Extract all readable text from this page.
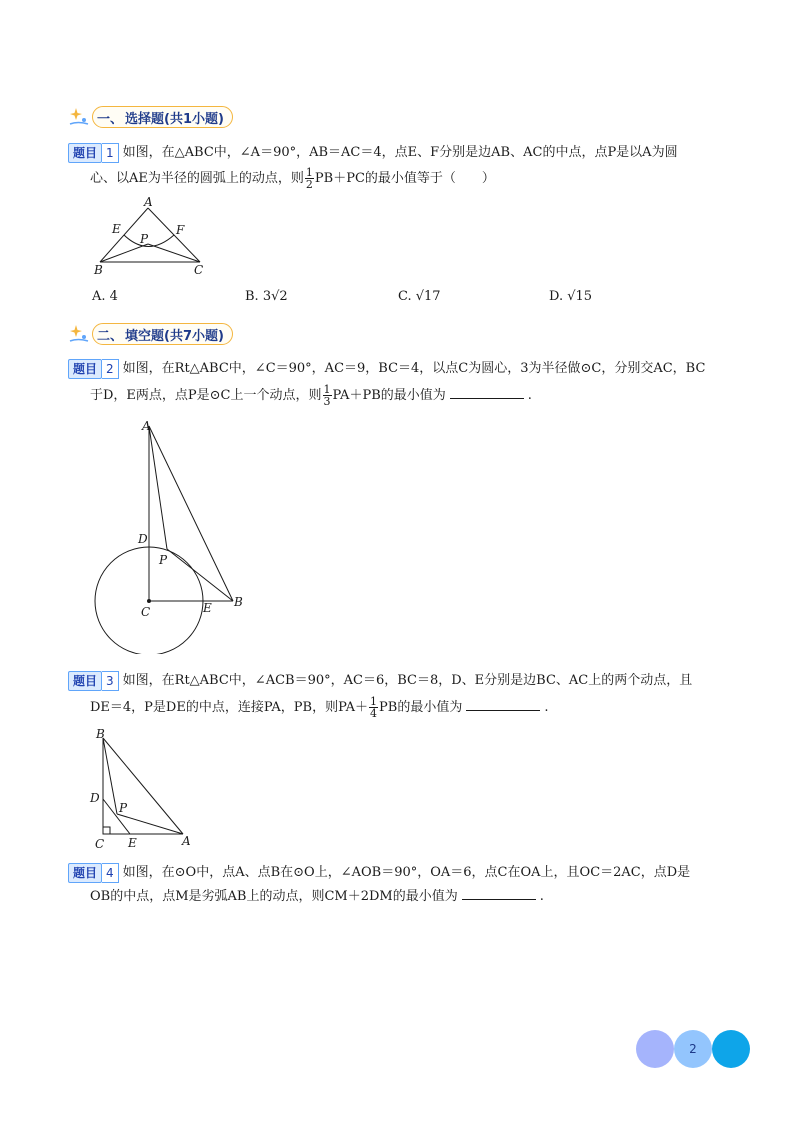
一、 选择题(共1小题)
题目 1 如图，在△ABC中，∠A＝90°，AB＝AC＝4，点E、F分别是边AB、AC的中点，点P是以A为圆
心、以AE为半径的圆弧上的动点，则 $\frac{1}{2} PB+PC$的最小值等于（　　）
A
E	F
P
B	C
A. 4	B. 3√2	C. √17	D. √15
二、 填空题(共7小题)
题目 2 如图，在Rt△ABC中，∠C＝90°，AC＝9，BC＝4，以点C为圆心，3为半径做⊙C，分别交AC，BC
于D，E两点，点P是⊙C上一个动点，则 $\frac{1}{3} PA+PB$的最小值为	.
A
D
P
C	E B
题目 3 如图，在Rt△ABC中，∠ACB＝90°，AC＝6，BC＝8，D、E分别是边BC、AC上的两个动点，且
DE＝4，P是DE的中点，连接PA，PB，则$PA+ \frac{1}{4}$ PB的最小值为	.
B
D
P
C E	A
题目 4 如图，在⊙O中，点A、点B在⊙O上，∠AOB＝90°，OA＝6，点C在OA上，且OC＝2AC，点D是
OB的中点，点M是劣弧AB上的动点，则CM＋2DM的最小值为	.
2
